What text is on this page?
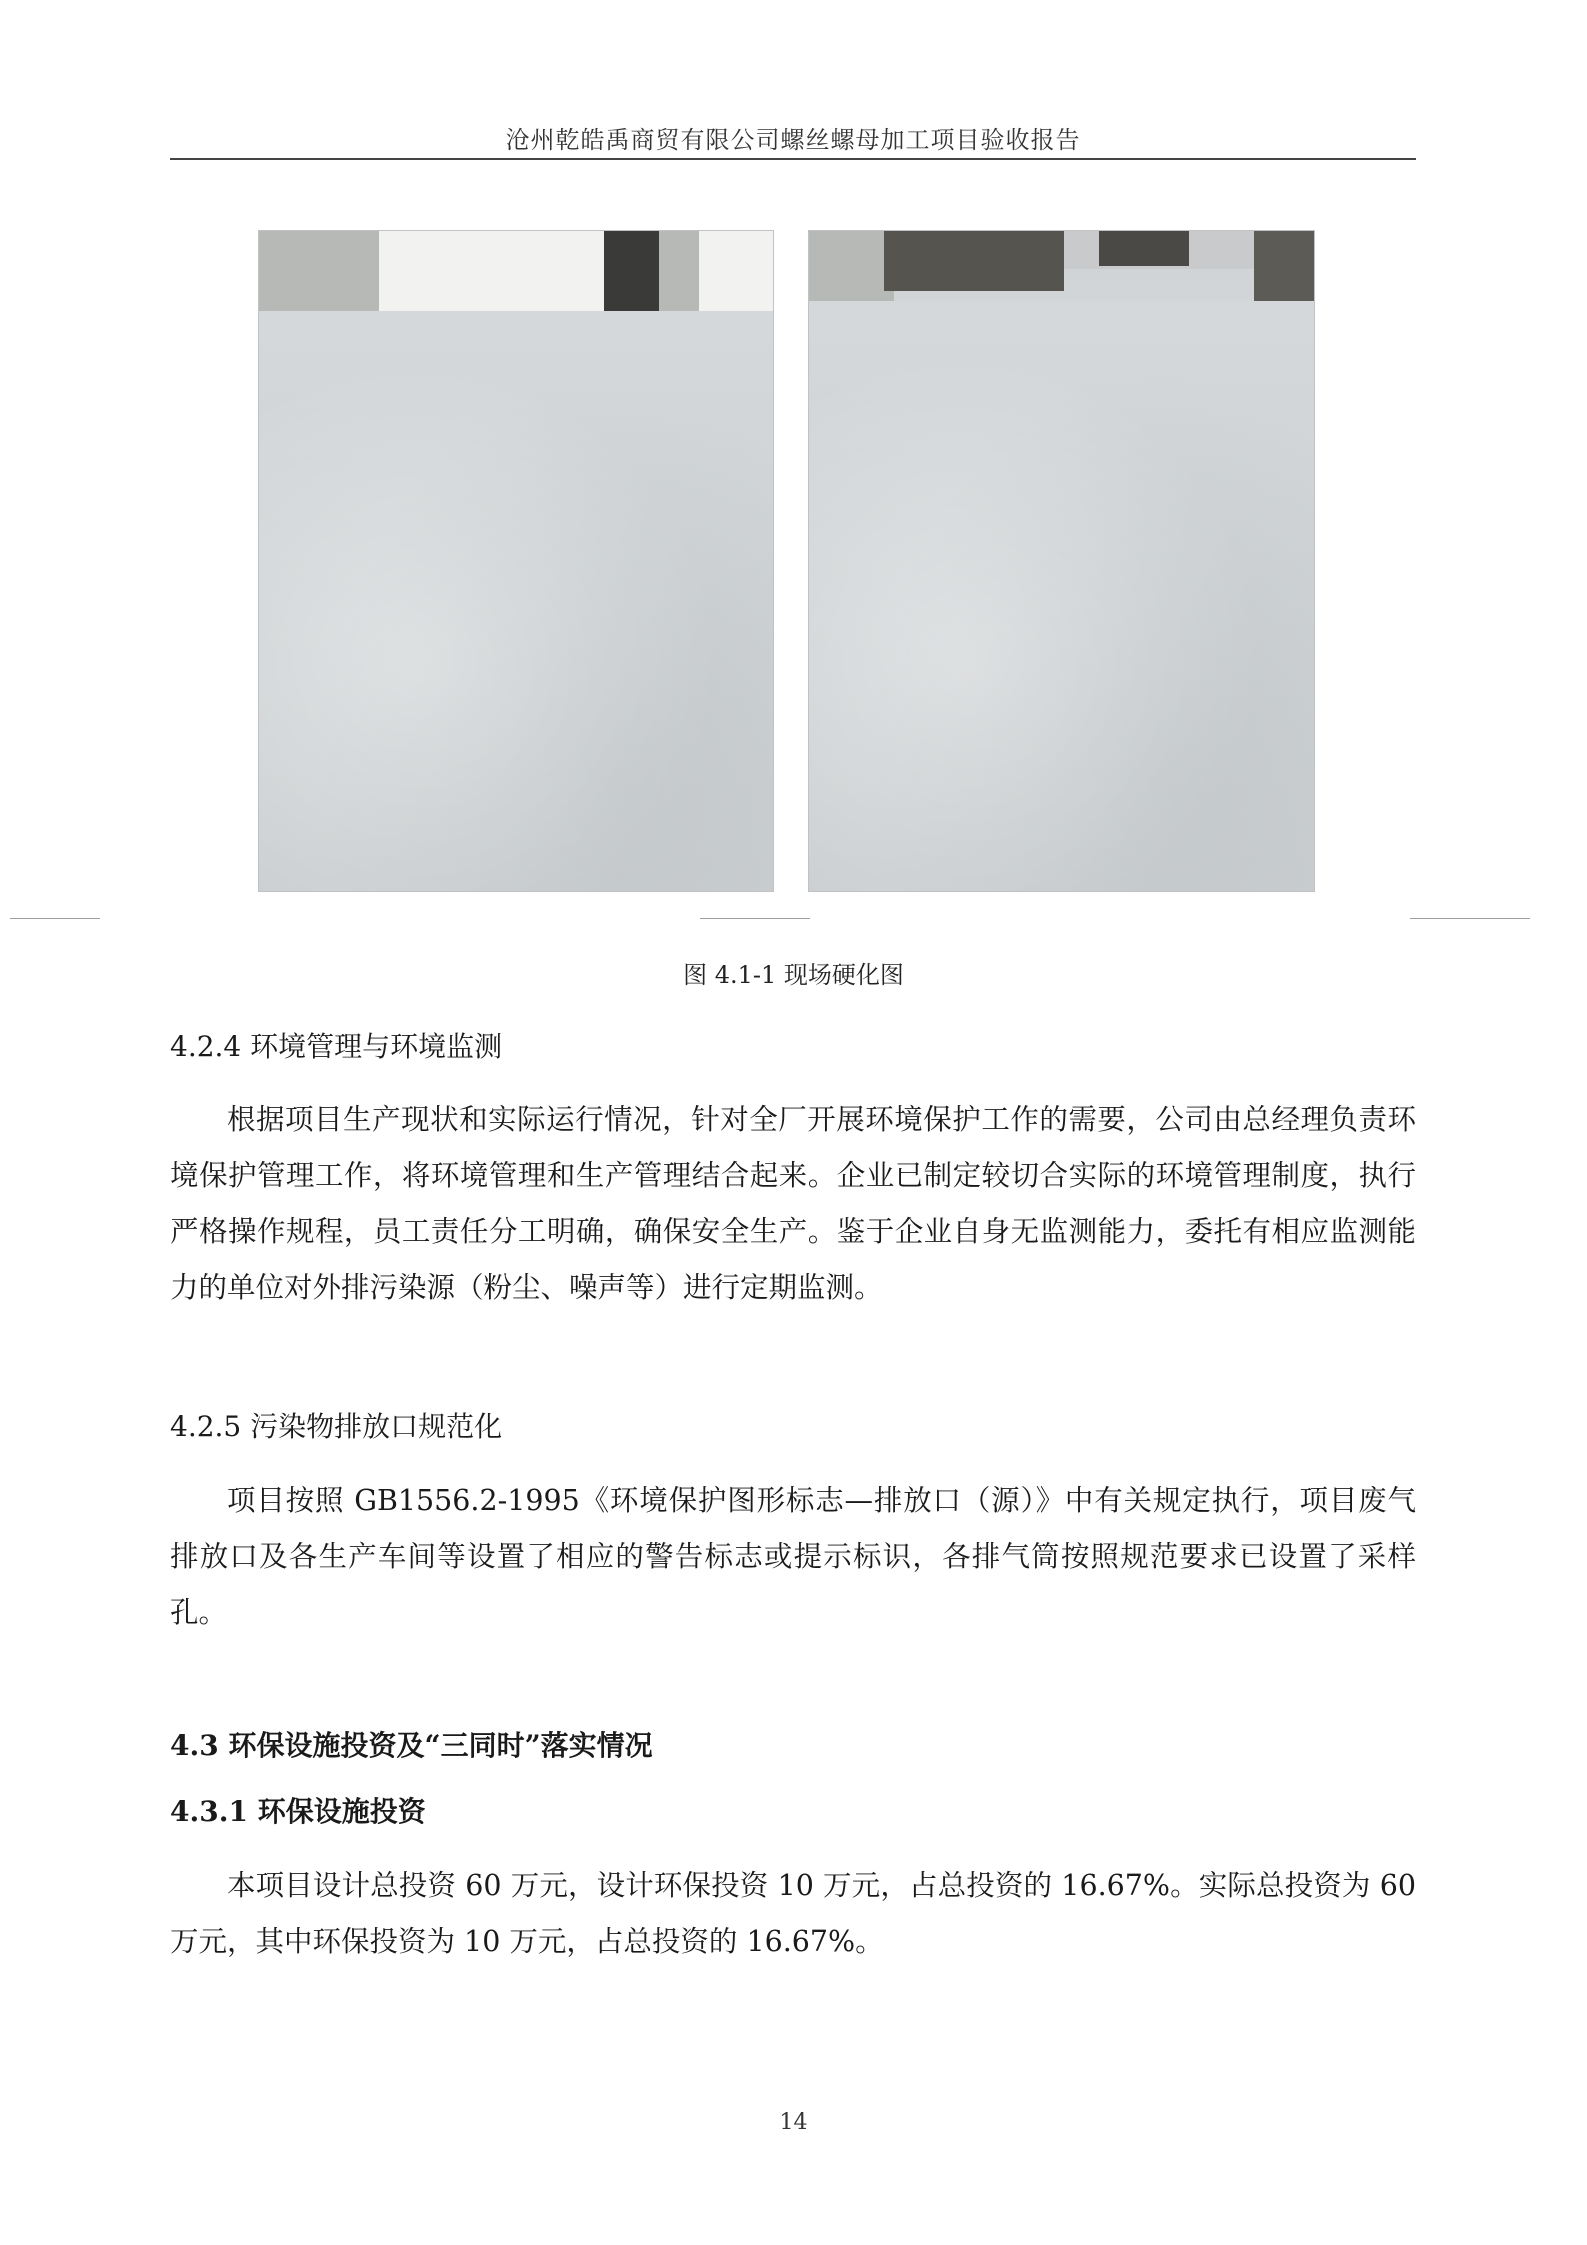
沧州乾皓禹商贸有限公司螺丝螺母加工项目验收报告
图 4.1-1 现场硬化图
4.2.4 环境管理与环境监测
根据项目生产现状和实际运行情况，针对全厂开展环境保护工作的需要，公司由总经理负责环境保护管理工作，将环境管理和生产管理结合起来。企业已制定较切合实际的环境管理制度，执行严格操作规程，员工责任分工明确，确保安全生产。鉴于企业自身无监测能力，委托有相应监测能力的单位对外排污染源（粉尘、噪声等）进行定期监测。
4.2.5 污染物排放口规范化
项目按照 GB1556.2-1995《环境保护图形标志—排放口（源）》中有关规定执行，项目废气排放口及各生产车间等设置了相应的警告标志或提示标识，各排气筒按照规范要求已设置了采样孔。
4.3 环保设施投资及“三同时”落实情况
4.3.1 环保设施投资
本项目设计总投资 60 万元，设计环保投资 10 万元，占总投资的 16.67%。实际总投资为 60 万元，其中环保投资为 10 万元，占总投资的 16.67%。
14
